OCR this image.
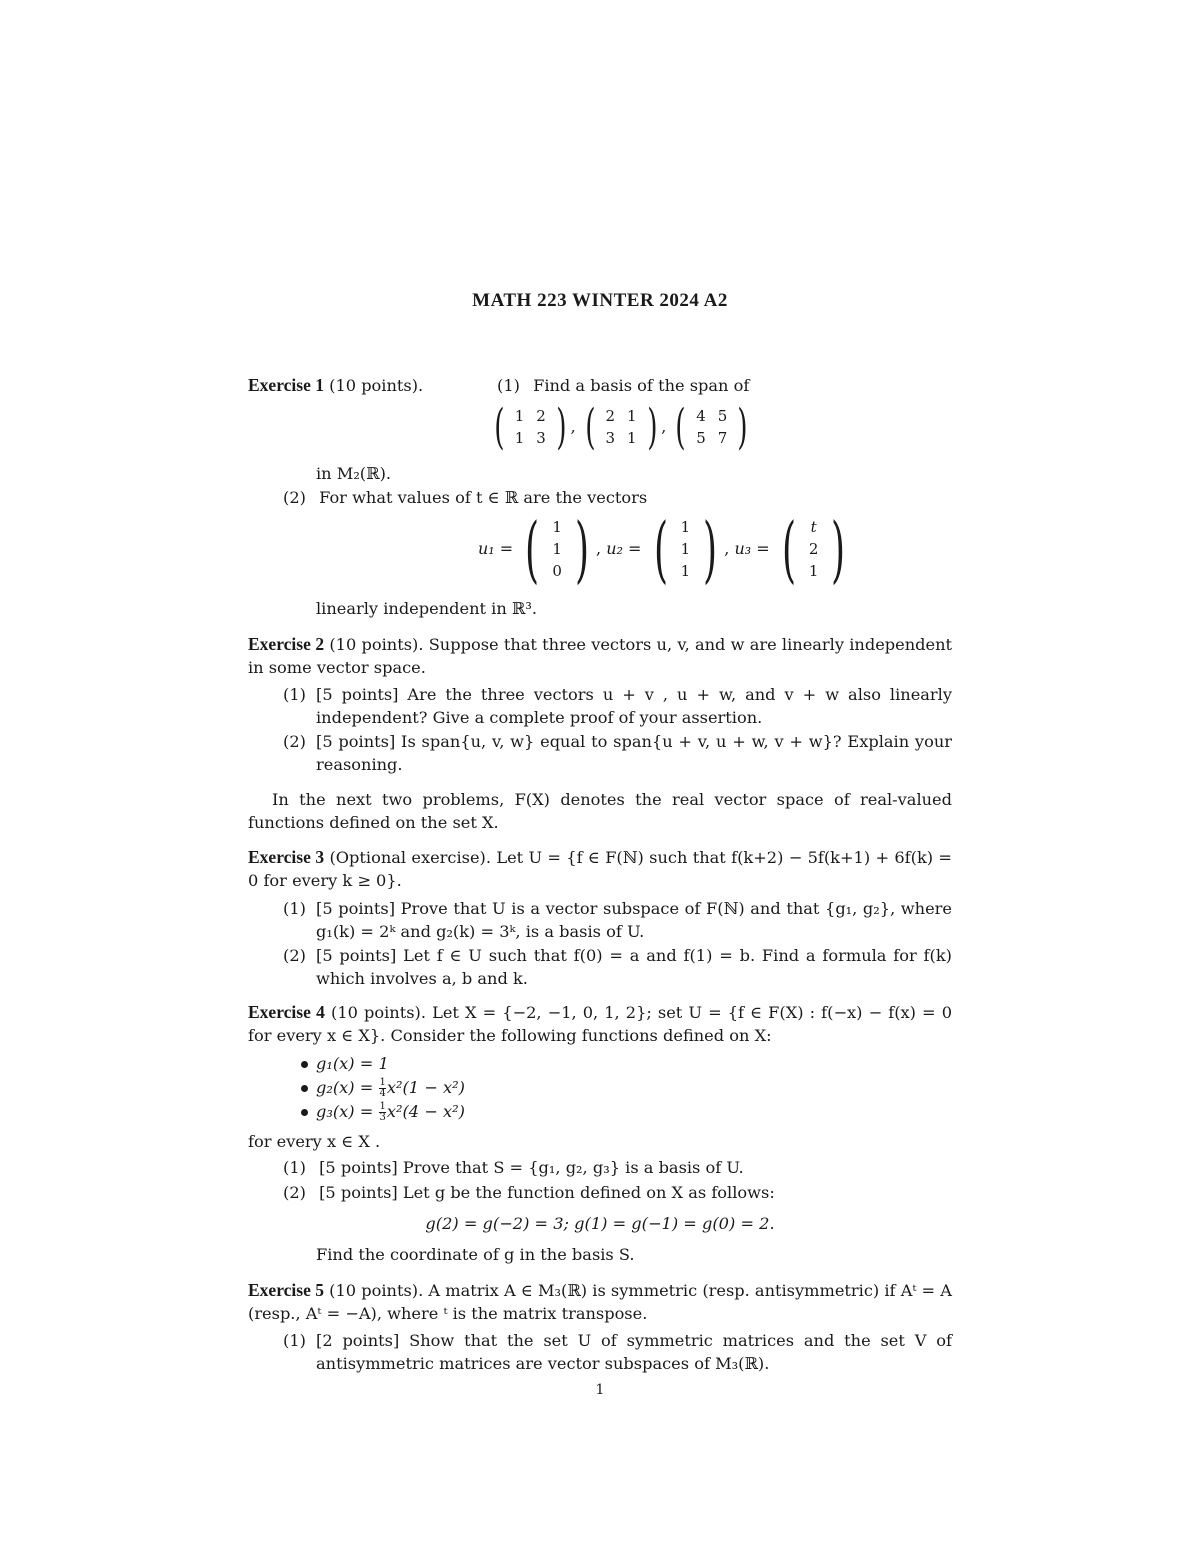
MATH 223 WINTER 2024 A2
Exercise 1 (10 points).	(1) Find a basis of the span of
( 1	2
1	3 ) , ( 2	1
3	1 ) , ( 4	5
5	7 )
in M₂(ℝ).
(2) For what values of t ∈ ℝ are the vectors
u₁ = ( 1
1
0 ) , u₂ = ( 1
1
1 ) , u₃ = ( t
2
1 )
linearly independent in ℝ³.
Exercise 2 (10 points). Suppose that three vectors u, v, and w are linearly independent in some vector space.
(1) [5 points] Are the three vectors u + v , u + w, and v + w also linearly independent? Give a complete proof of your assertion.
(2) [5 points] Is span{u, v, w} equal to span{u + v, u + w, v + w}? Explain your reasoning.
In the next two problems, F(X) denotes the real vector space of real-valued functions defined on the set X.
Exercise 3 (Optional exercise). Let U = {f ∈ F(ℕ) such that f(k+2) − 5f(k+1) + 6f(k) = 0 for every k ≥ 0}.
(1) [5 points] Prove that U is a vector subspace of F(ℕ) and that {g₁, g₂}, where g₁(k) = 2ᵏ and g₂(k) = 3ᵏ, is a basis of U.
(2) [5 points] Let f ∈ U such that f(0) = a and f(1) = b. Find a formula for f(k) which involves a, b and k.
Exercise 4 (10 points). Let X = {−2, −1, 0, 1, 2}; set U = {f ∈ F(X) : f(−x) − f(x) = 0 for every x ∈ X}. Consider the following functions defined on X:
g₁(x) = 1
$g_2(x) = \frac{1}{4} x^2(1 - x^2)$
$g_3(x) = \frac{1}{3} x^2(4 - x^2)$
for every x ∈ X .
(1) [5 points] Prove that S = {g₁, g₂, g₃} is a basis of U.
(2) [5 points] Let g be the function defined on X as follows:
g(2) = g(−2) = 3; g(1) = g(−1) = g(0) = 2.
Find the coordinate of g in the basis S.
Exercise 5 (10 points). A matrix A ∈ M₃(ℝ) is symmetric (resp. antisymmetric) if Aᵗ = A (resp., Aᵗ = −A), where ᵗ is the matrix transpose.
(1) [2 points] Show that the set U of symmetric matrices and the set V of antisymmetric matrices are vector subspaces of M₃(ℝ).
1
